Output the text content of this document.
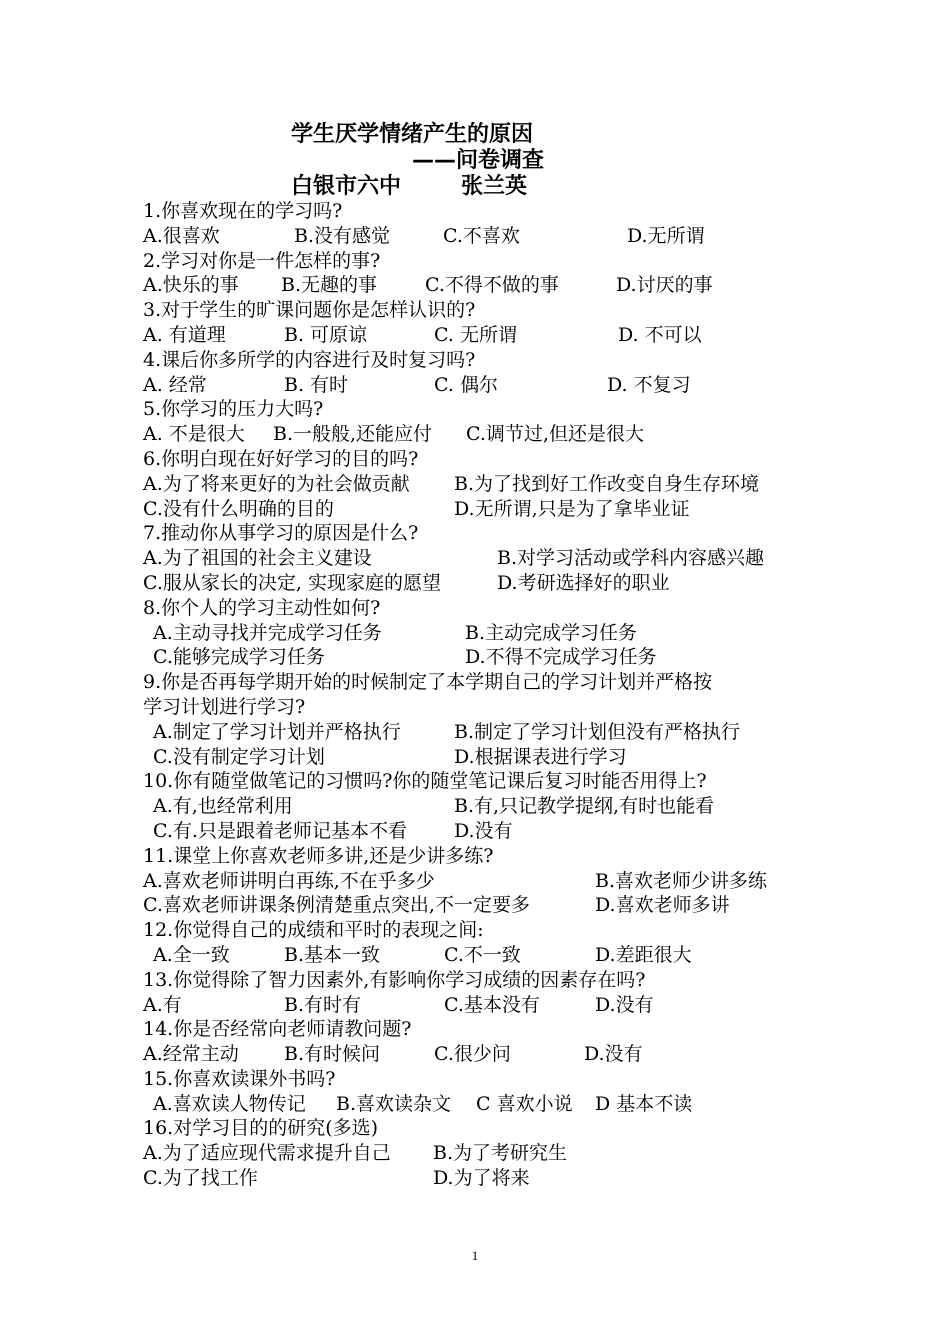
学生厌学情绪产生的原因
——问卷调查
白银市六中	张兰英
1.你喜欢现在的学习吗?
A.很喜欢	B.没有感觉	C.不喜欢	D.无所谓
2.学习对你是一件怎样的事?
A.快乐的事 B.无趣的事	C.不得不做的事	D.讨厌的事
3.对于学生的旷课问题你是怎样认识的?
A. 有道理	B. 可原谅	C. 无所谓	D. 不可以
4.课后你多所学的内容进行及时复习吗?
A. 经常	B. 有时	C. 偶尔	D. 不复习
5.你学习的压力大吗?
A. 不是很大 B.一般般,还能应付 C.调节过,但还是很大
6.你明白现在好好学习的目的吗?
A.为了将来更好的为社会做贡献 B.为了找到好工作改变自身生存环境
C.没有什么明确的目的	D.无所谓,只是为了拿毕业证
7.推动你从事学习的原因是什么?
A.为了祖国的社会主义建设	B.对学习活动或学科内容感兴趣
C.服从家长的决定, 实现家庭的愿望	D.考研选择好的职业
8.你个人的学习主动性如何?
A.主动寻找并完成学习任务	B.主动完成学习任务
C.能够完成学习任务	D.不得不完成学习任务
9.你是否再每学期开始的时候制定了本学期自己的学习计划并严格按
学习计划进行学习?
A.制定了学习计划并严格执行	B.制定了学习计划但没有严格执行
C.没有制定学习计划	D.根据课表进行学习
10.你有随堂做笔记的习惯吗?你的随堂笔记课后复习时能否用得上?
A.有,也经常利用	B.有,只记教学提纲,有时也能看
C.有.只是跟着老师记基本不看 D.没有
11.课堂上你喜欢老师多讲,还是少讲多练?
A.喜欢老师讲明白再练,不在乎多少	B.喜欢老师少讲多练
C.喜欢老师讲课条例清楚重点突出,不一定要多	D.喜欢老师多讲
12.你觉得自己的成绩和平时的表现之间:
A.全一致	B.基本一致	C.不一致	D.差距很大
13.你觉得除了智力因素外,有影响你学习成绩的因素存在吗?
A.有	B.有时有	C.基本没有	D.没有
14.你是否经常向老师请教问题?
A.经常主动 B.有时候问	C.很少问	D.没有
15.你喜欢读课外书吗?
A.喜欢读人物传记 B.喜欢读杂文 C 喜欢小说 D 基本不读
16.对学习目的的研究(多选)
A.为了适应现代需求提升自己 B.为了考研究生
C.为了找工作	D.为了将来
1
